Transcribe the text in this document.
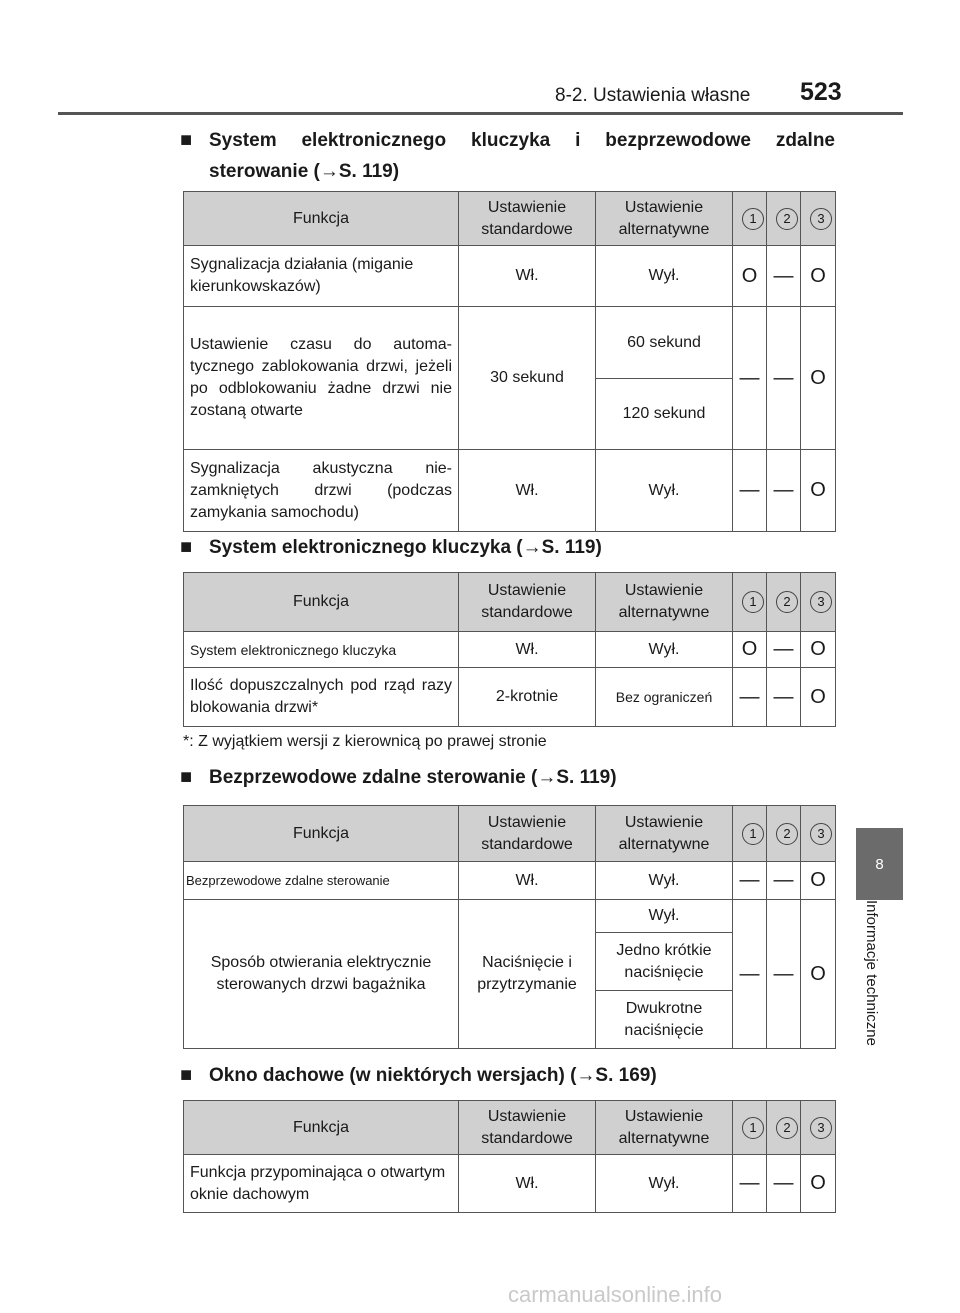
8-2. Ustawienia własne 523
8
Informacje techniczne
■ System elektronicznego kluczyka i bezprzewodowe zdalne sterowanie (→S. 119)
Funkcja	Ustawienie standardowe	Ustawienie alternatywne	1	2	3
Sygnalizacja działania (miganie kierunkowskazów)	Wł.	Wył.	O	—	O
Ustawienie czasu do automa- tycznego zablokowania drzwi, jeżeli po odblokowaniu żadne drzwi nie zostaną otwarte	30 sekund	60 sekund	—	—	O
		120 sekund			
Sygnalizacja akustyczna nie- zamkniętych drzwi (podczas zamykania samochodu)	Wł.	Wył.	—	—	O
■ System elektronicznego kluczyka (→S. 119)
Funkcja	Ustawienie standardowe	Ustawienie alternatywne	1	2	3
System elektronicznego kluczyka	Wł.	Wył.	O	—	O
Ilość dopuszczalnych pod rząd razy blokowania drzwi*	2-krotnie	Bez ograniczeń	—	—	O
*: Z wyjątkiem wersji z kierownicą po prawej stronie
■ Bezprzewodowe zdalne sterowanie (→S. 119)
Funkcja	Ustawienie standardowe	Ustawienie alternatywne	1	2	3
Bezprzewodowe zdalne sterowanie	Wł.	Wył.	—	—	O
Sposób otwierania elektrycznie sterowanych drzwi bagażnika	Naciśnięcie i przytrzymanie	Wył.	—	—	O
		Jedno krótkie naciśnięcie			
		Dwukrotne naciśnięcie			
■ Okno dachowe (w niektórych wersjach) (→S. 169)
Funkcja	Ustawienie standardowe	Ustawienie alternatywne	1	2	3
Funkcja przypominająca o otwartym oknie dachowym	Wł.	Wył.	—	—	O
carmanualsonline.info
